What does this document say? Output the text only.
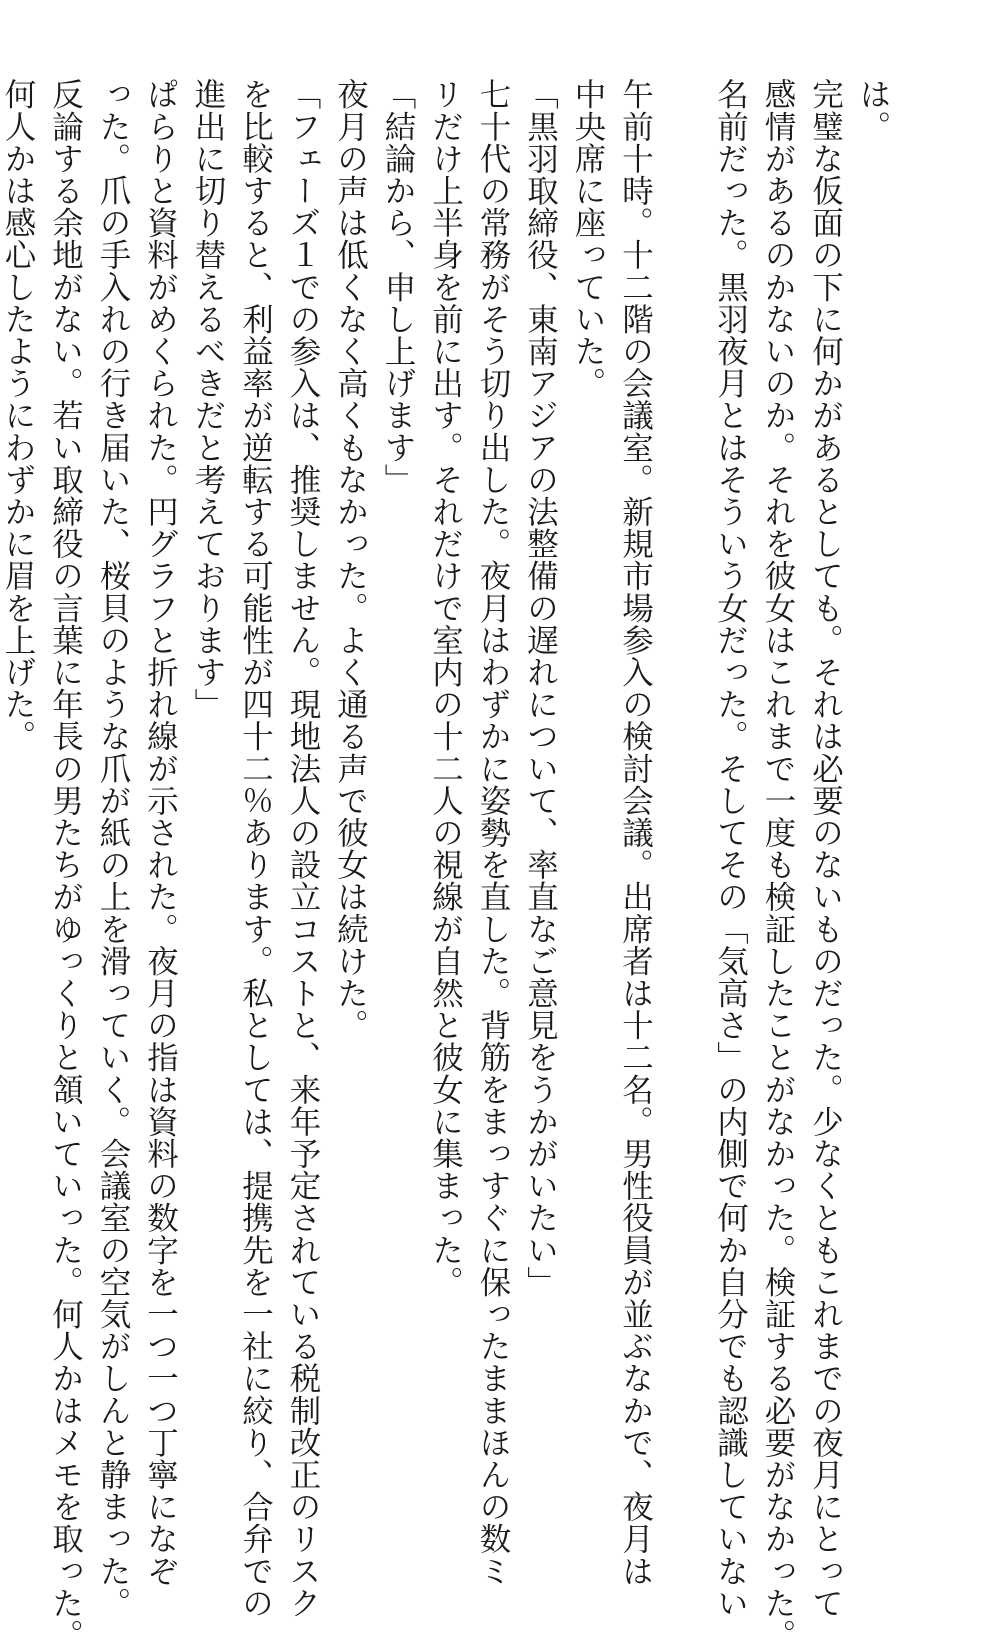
は。
完璧な仮面の下に何かがあるとしても。それは必要のないものだった。少なくともこれまでの夜月にとって
感情があるのかないのか。それを彼女はこれまで一度も検証したことがなかった。検証する必要がなかった。
名前だった。黒羽夜月とはそういう女だった。そしてその「気高さ」の内側で何か自分でも認識していない

午前十時。十二階の会議室。新規市場参入の検討会議。出席者は十二名。男性役員が並ぶなかで、夜月は
中央席に座っていた。
「黒羽取締役、東南アジアの法整備の遅れについて、率直なご意見をうかがいたい」
七十代の常務がそう切り出した。夜月はわずかに姿勢を直した。背筋をまっすぐに保ったままほんの数ミ
リだけ上半身を前に出す。それだけで室内の十二人の視線が自然と彼女に集まった。
「結論から、申し上げます」
夜月の声は低くなく高くもなかった。よく通る声で彼女は続けた。
「フェーズ１での参入は、推奨しません。現地法人の設立コストと、来年予定されている税制改正のリスク
を比較すると、利益率が逆転する可能性が四十二％あります。私としては、提携先を一社に絞り、合弁での
進出に切り替えるべきだと考えております」
ぱらりと資料がめくられた。円グラフと折れ線が示された。夜月の指は資料の数字を一つ一つ丁寧になぞ
った。爪の手入れの行き届いた、桜貝のような爪が紙の上を滑っていく。会議室の空気がしんと静まった。
反論する余地がない。若い取締役の言葉に年長の男たちがゆっくりと頷いていった。何人かはメモを取った。
何人かは感心したようにわずかに眉を上げた。
